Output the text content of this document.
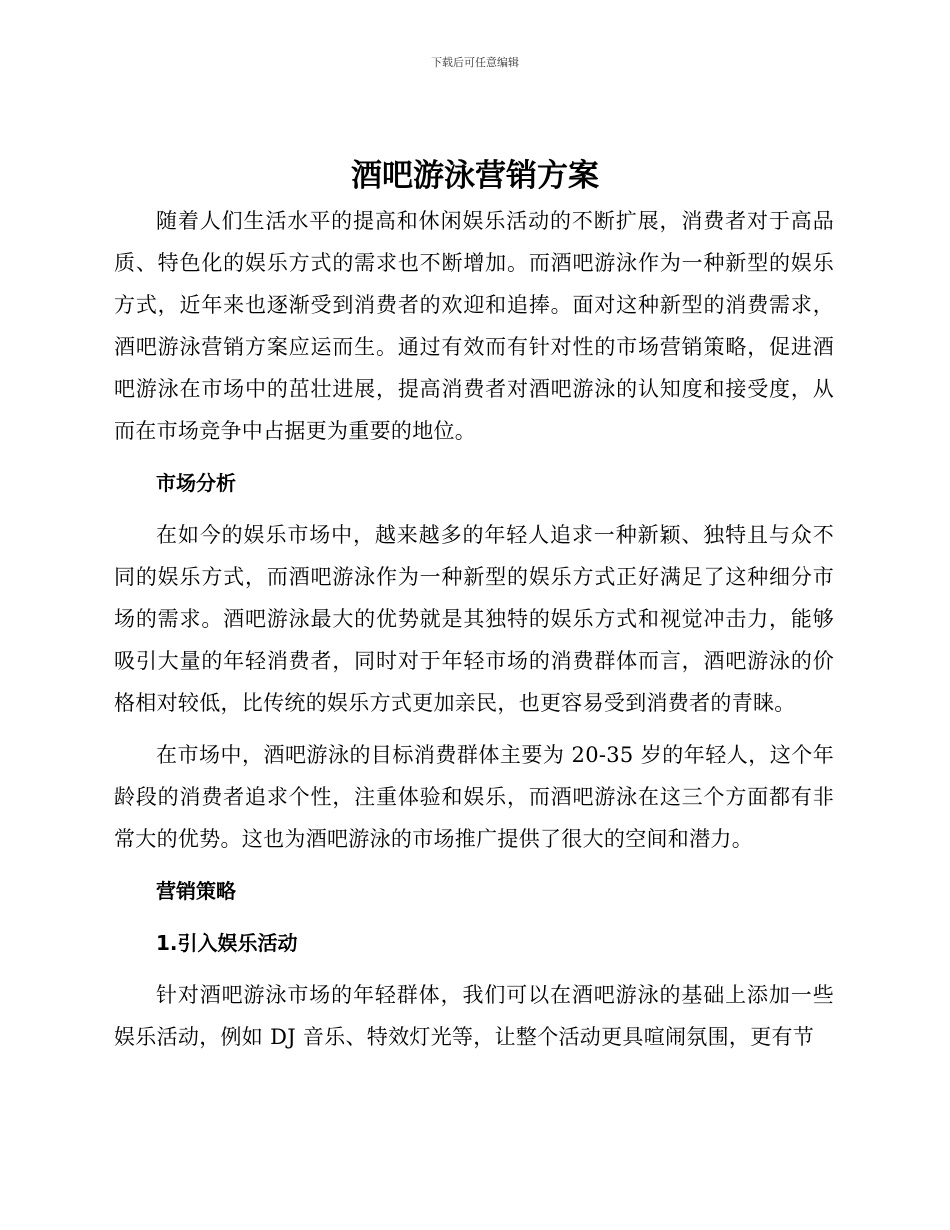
下载后可任意编辑
酒吧游泳营销方案

随着人们生活水平的提高和休闲娱乐活动的不断扩展，消费者对于高品质、特色化的娱乐方式的需求也不断增加。而酒吧游泳作为一种新型的娱乐方式，近年来也逐渐受到消费者的欢迎和追捧。面对这种新型的消费需求，酒吧游泳营销方案应运而生。通过有效而有针对性的市场营销策略，促进酒吧游泳在市场中的茁壮进展，提高消费者对酒吧游泳的认知度和接受度，从而在市场竞争中占据更为重要的地位。

市场分析

在如今的娱乐市场中，越来越多的年轻人追求一种新颖、独特且与众不同的娱乐方式，而酒吧游泳作为一种新型的娱乐方式正好满足了这种细分市场的需求。酒吧游泳最大的优势就是其独特的娱乐方式和视觉冲击力，能够吸引大量的年轻消费者，同时对于年轻市场的消费群体而言，酒吧游泳的价格相对较低，比传统的娱乐方式更加亲民，也更容易受到消费者的青睐。

在市场中，酒吧游泳的目标消费群体主要为 20-35 岁的年轻人，这个年龄段的消费者追求个性，注重体验和娱乐，而酒吧游泳在这三个方面都有非常大的优势。这也为酒吧游泳的市场推广提供了很大的空间和潜力。

营销策略
1.引入娱乐活动

针对酒吧游泳市场的年轻群体，我们可以在酒吧游泳的基础上添加一些娱乐活动，例如 DJ 音乐、特效灯光等，让整个活动更具喧闹氛围，更有节
